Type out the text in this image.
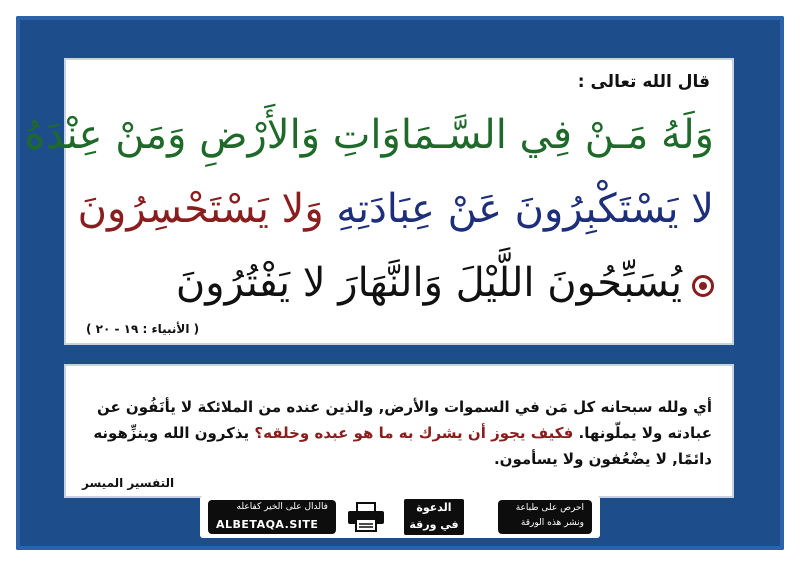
قال الله تعالى :
وَلَهُ مَـنْ فِي السَّـمَاوَاتِ وَالأَرْضِ وَمَنْ عِنْدَهُ
لا يَسْتَكْبِرُونَ عَنْ عِبَادَتِهِ وَلا يَسْتَحْسِرُونَ
يُسَبِّحُونَ اللَّيْلَ وَالنَّهَارَ لا يَفْتُرُونَ
( الأنبياء : ١٩ - ٢٠ )
أي ولله سبحانه كل مَن في السموات والأرض, والذين عنده من الملائكة لا يأنَفُون عن عبادته ولا يملّونها. فكيف يجوز أن يشرك به ما هو عبده وخلقه؟ يذكرون الله وينزِّهونه دائمًا, لا يضْعُفون ولا يسأمون.
التفسير الميسر
فالدال على الخير كفاعله
ALBETAQA.SITE
الدعوة
في ورقة
احرص على طباعة
ونشر هذه الورقة
